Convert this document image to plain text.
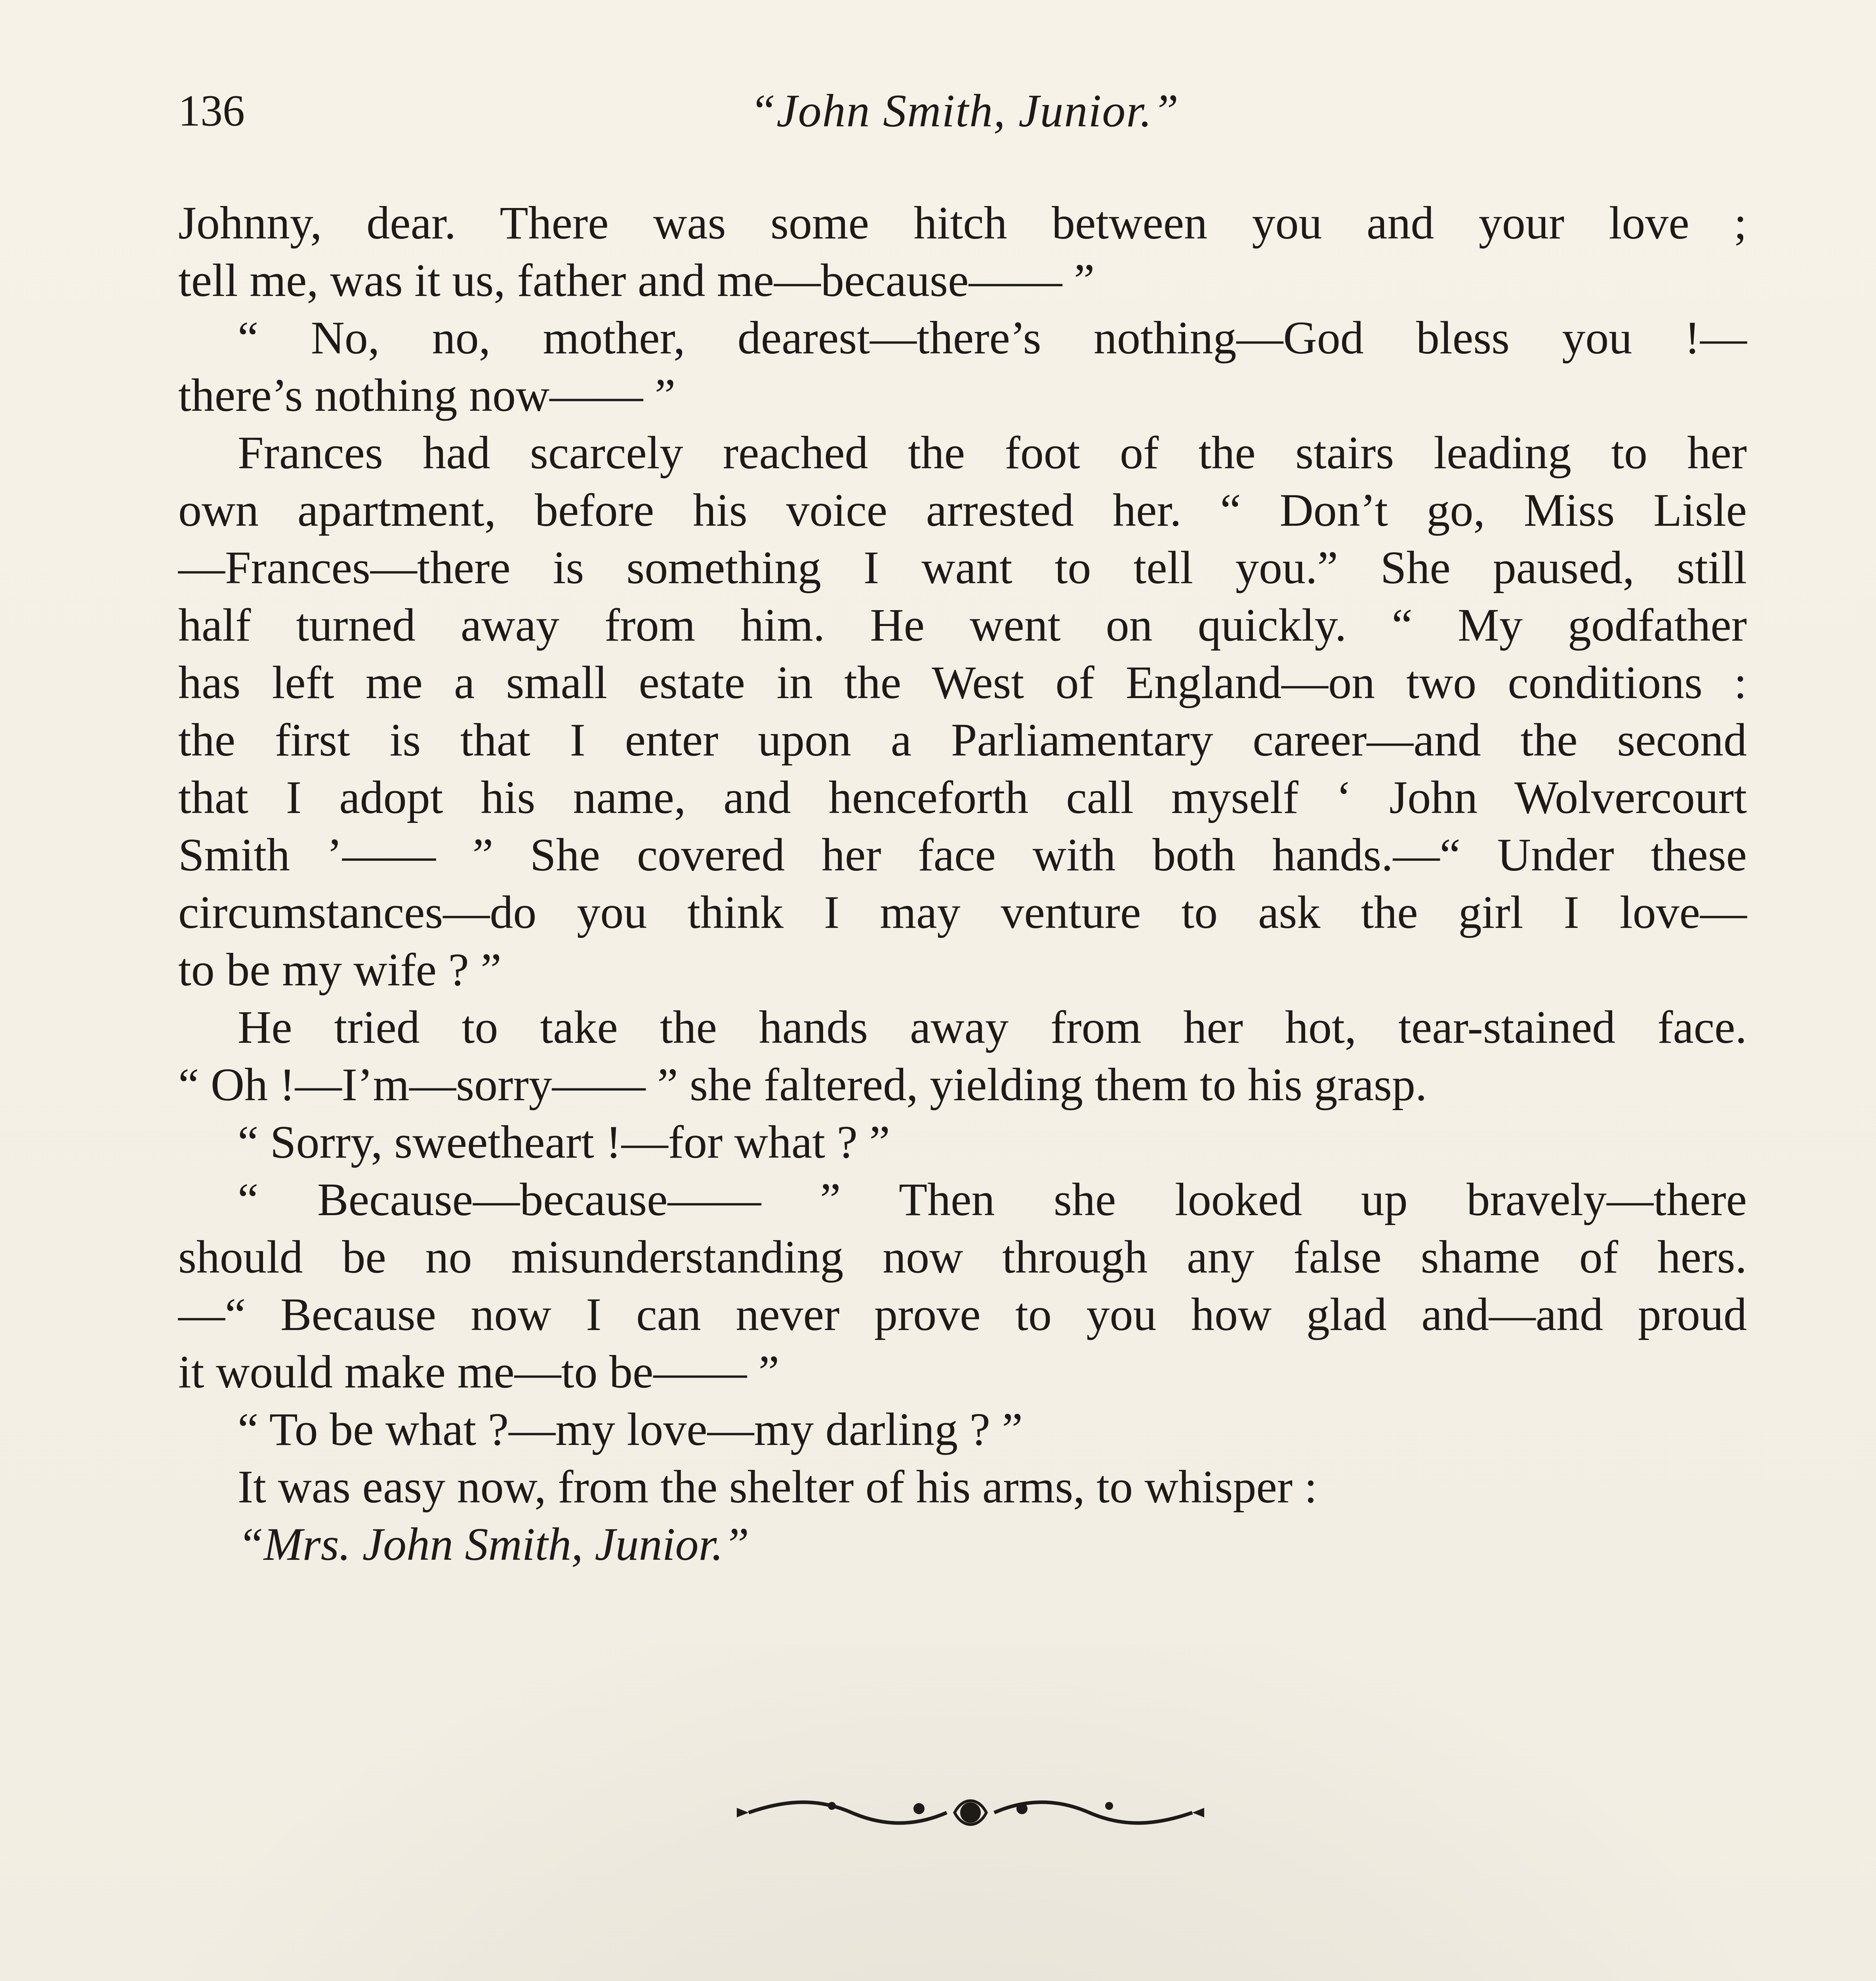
136	“John Smith, Junior.”
Johnny, dear. There was some hitch between you and your love ;
tell me, was it us, father and me—because—— ”
“ No, no, mother, dearest—there’s nothing—God bless you !—
there’s nothing now—— ”
Frances had scarcely reached the foot of the stairs leading to her
own apartment, before his voice arrested her. “ Don’t go, Miss Lisle
—Frances—there is something I want to tell you.” She paused, still
half turned away from him. He went on quickly. “ My godfather
has left me a small estate in the West of England—on two conditions :
the first is that I enter upon a Parliamentary career—and the second
that I adopt his name, and henceforth call myself ‘ John Wolvercourt
Smith ’—— ” She covered her face with both hands.—“ Under these
circumstances—do you think I may venture to ask the girl I love—
to be my wife ? ”
He tried to take the hands away from her hot, tear-stained face.
“ Oh !—I’m—sorry—— ” she faltered, yielding them to his grasp.
“ Sorry, sweetheart !—for what ? ”
“ Because—because—— ” Then she looked up bravely—there
should be no misunderstanding now through any false shame of hers.
—“ Because now I can never prove to you how glad and—and proud
it would make me—to be—— ”
“ To be what ?—my love—my darling ? ”
It was easy now, from the shelter of his arms, to whisper :
“Mrs. John Smith, Junior.”
